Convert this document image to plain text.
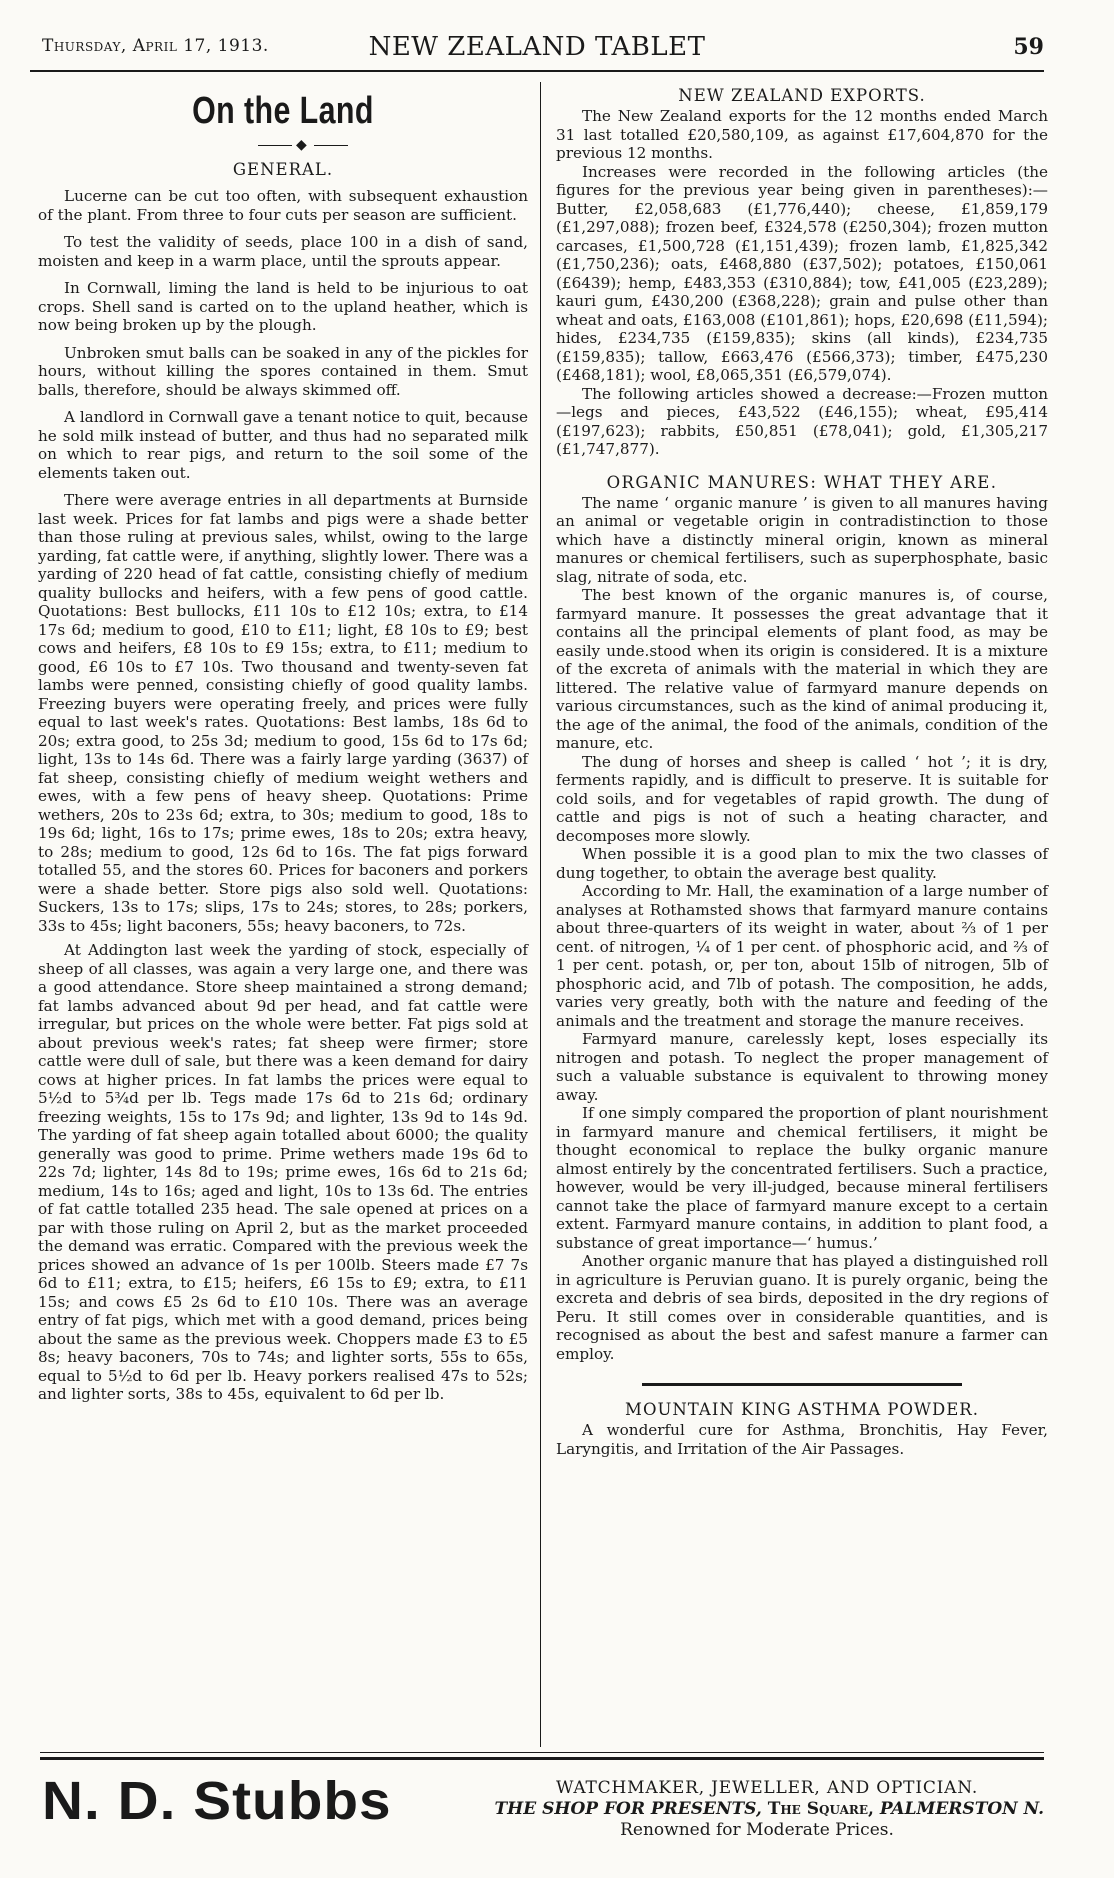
Thursday, April 17, 1913.	NEW ZEALAND TABLET	59
On the Land
◆
GENERAL.

Lucerne can be cut too often, with subsequent exhaustion of the plant. From three to four cuts per season are sufficient.

To test the validity of seeds, place 100 in a dish of sand, moisten and keep in a warm place, until the sprouts appear.

In Cornwall, liming the land is held to be injurious to oat crops. Shell sand is carted on to the upland heather, which is now being broken up by the plough.

Unbroken smut balls can be soaked in any of the pickles for hours, without killing the spores contained in them. Smut balls, therefore, should be always skimmed off.

A landlord in Cornwall gave a tenant notice to quit, because he sold milk instead of butter, and thus had no separated milk on which to rear pigs, and return to the soil some of the elements taken out.

There were average entries in all departments at Burnside last week. Prices for fat lambs and pigs were a shade better than those ruling at previous sales, whilst, owing to the large yarding, fat cattle were, if anything, slightly lower. There was a yarding of 220 head of fat cattle, consisting chiefly of medium quality bullocks and heifers, with a few pens of good cattle. Quotations: Best bullocks, £11 10s to £12 10s; extra, to £14 17s 6d; medium to good, £10 to £11; light, £8 10s to £9; best cows and heifers, £8 10s to £9 15s; extra, to £11; medium to good, £6 10s to £7 10s. Two thousand and twenty-seven fat lambs were penned, consisting chiefly of good quality lambs. Freezing buyers were operating freely, and prices were fully equal to last week's rates. Quotations: Best lambs, 18s 6d to 20s; extra good, to 25s 3d; medium to good, 15s 6d to 17s 6d; light, 13s to 14s 6d. There was a fairly large yarding (3637) of fat sheep, consisting chiefly of medium weight wethers and ewes, with a few pens of heavy sheep. Quotations: Prime wethers, 20s to 23s 6d; extra, to 30s; medium to good, 18s to 19s 6d; light, 16s to 17s; prime ewes, 18s to 20s; extra heavy, to 28s; medium to good, 12s 6d to 16s. The fat pigs forward totalled 55, and the stores 60. Prices for baconers and porkers were a shade better. Store pigs also sold well. Quotations: Suckers, 13s to 17s; slips, 17s to 24s; stores, to 28s; porkers, 33s to 45s; light baconers, 55s; heavy baconers, to 72s.

At Addington last week the yarding of stock, especially of sheep of all classes, was again a very large one, and there was a good attendance. Store sheep maintained a strong demand; fat lambs advanced about 9d per head, and fat cattle were irregular, but prices on the whole were better. Fat pigs sold at about previous week's rates; fat sheep were firmer; store cattle were dull of sale, but there was a keen demand for dairy cows at higher prices. In fat lambs the prices were equal to 5½d to 5¾d per lb. Tegs made 17s 6d to 21s 6d; ordinary freezing weights, 15s to 17s 9d; and lighter, 13s 9d to 14s 9d. The yarding of fat sheep again totalled about 6000; the quality generally was good to prime. Prime wethers made 19s 6d to 22s 7d; lighter, 14s 8d to 19s; prime ewes, 16s 6d to 21s 6d; medium, 14s to 16s; aged and light, 10s to 13s 6d. The entries of fat cattle totalled 235 head. The sale opened at prices on a par with those ruling on April 2, but as the market proceeded the demand was erratic. Compared with the previous week the prices showed an advance of 1s per 100lb. Steers made £7 7s 6d to £11; extra, to £15; heifers, £6 15s to £9; extra, to £11 15s; and cows £5 2s 6d to £10 10s. There was an average entry of fat pigs, which met with a good demand, prices being about the same as the previous week. Choppers made £3 to £5 8s; heavy baconers, 70s to 74s; and lighter sorts, 55s to 65s, equal to 5½d to 6d per lb. Heavy porkers realised 47s to 52s; and lighter sorts, 38s to 45s, equivalent to 6d per lb.

NEW ZEALAND EXPORTS.

The New Zealand exports for the 12 months ended March 31 last totalled £20,580,109, as against £17,604,870 for the previous 12 months.

Increases were recorded in the following articles (the figures for the previous year being given in parentheses):—Butter, £2,058,683 (£1,776,440); cheese, £1,859,179 (£1,297,088); frozen beef, £324,578 (£250,304); frozen mutton carcases, £1,500,728 (£1,151,439); frozen lamb, £1,825,342 (£1,750,236); oats, £468,880 (£37,502); potatoes, £150,061 (£6439); hemp, £483,353 (£310,884); tow, £41,005 (£23,289); kauri gum, £430,200 (£368,228); grain and pulse other than wheat and oats, £163,008 (£101,861); hops, £20,698 (£11,594); hides, £234,735 (£159,835); skins (all kinds), £234,735 (£159,835); tallow, £663,476 (£566,373); timber, £475,230 (£468,181); wool, £8,065,351 (£6,579,074).

The following articles showed a decrease:—Frozen mutton—legs and pieces, £43,522 (£46,155); wheat, £95,414 (£197,623); rabbits, £50,851 (£78,041); gold, £1,305,217 (£1,747,877).

ORGANIC MANURES: WHAT THEY ARE.

The name ‘ organic manure ’ is given to all manures having an animal or vegetable origin in contradistinction to those which have a distinctly mineral origin, known as mineral manures or chemical fertilisers, such as superphosphate, basic slag, nitrate of soda, etc.

The best known of the organic manures is, of course, farmyard manure. It possesses the great advantage that it contains all the principal elements of plant food, as may be easily unde.stood when its origin is considered. It is a mixture of the excreta of animals with the material in which they are littered. The relative value of farmyard manure depends on various circumstances, such as the kind of animal producing it, the age of the animal, the food of the animals, condition of the manure, etc.

The dung of horses and sheep is called ‘ hot ’; it is dry, ferments rapidly, and is difficult to preserve. It is suitable for cold soils, and for vegetables of rapid growth. The dung of cattle and pigs is not of such a heating character, and decomposes more slowly.

When possible it is a good plan to mix the two classes of dung together, to obtain the average best quality.

According to Mr. Hall, the examination of a large number of analyses at Rothamsted shows that farmyard manure contains about three-quarters of its weight in water, about ⅔ of 1 per cent. of nitrogen, ¼ of 1 per cent. of phosphoric acid, and ⅔ of 1 per cent. potash, or, per ton, about 15lb of nitrogen, 5lb of phosphoric acid, and 7lb of potash. The composition, he adds, varies very greatly, both with the nature and feeding of the animals and the treatment and storage the manure receives.

Farmyard manure, carelessly kept, loses especially its nitrogen and potash. To neglect the proper management of such a valuable substance is equivalent to throwing money away.

If one simply compared the proportion of plant nourishment in farmyard manure and chemical fertilisers, it might be thought economical to replace the bulky organic manure almost entirely by the concentrated fertilisers. Such a practice, however, would be very ill-judged, because mineral fertilisers cannot take the place of farmyard manure except to a certain extent. Farmyard manure contains, in addition to plant food, a substance of great importance—‘ humus.’

Another organic manure that has played a distinguished roll in agriculture is Peruvian guano. It is purely organic, being the excreta and debris of sea birds, deposited in the dry regions of Peru. It still comes over in considerable quantities, and is recognised as about the best and safest manure a farmer can employ.

MOUNTAIN KING ASTHMA POWDER.

A wonderful cure for Asthma, Bronchitis, Hay Fever, Laryngitis, and Irritation of the Air Passages.

N. D. Stubbs	WATCHMAKER, JEWELLER, AND OPTICIAN.
THE SHOP FOR PRESENTS, The Square, PALMERSTON N.
Renowned for Moderate Prices.
